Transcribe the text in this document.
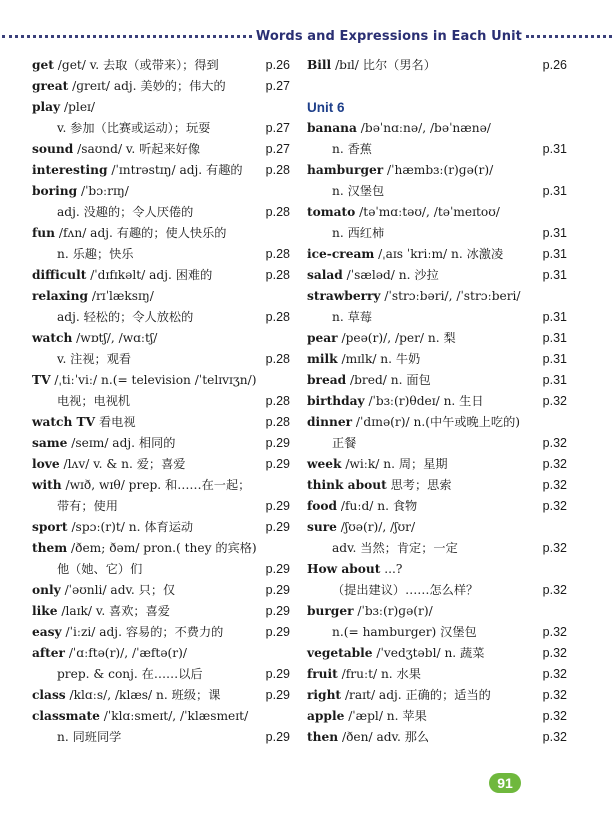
Words and Expressions in Each Unit
get /get/ v. 去取（或带来）；得到	p.26
great /ɡreɪt/ adj. 美妙的；伟大的	p.27
play /pleɪ/
v. 参加（比赛或运动）；玩耍	p.27
sound /saʊnd/ v. 听起来好像	p.27
interesting /ˈɪntrəstɪŋ/ adj. 有趣的 p.28
boring /ˈbɔːrɪŋ/
adj. 没趣的；令人厌倦的	p.28
fun /fʌn/ adj. 有趣的；使人快乐的
n. 乐趣；快乐	p.28
difficult /ˈdɪfɪkəlt/ adj. 困难的	p.28
relaxing /rɪˈlæksɪŋ/
adj. 轻松的；令人放松的	p.28
watch /wɒtʃ/, /wɑːtʃ/
v. 注视；观看	p.28
TV /ˌtiːˈviː/ n.(= television /ˈtelɪvɪʒn/)
电视；电视机	p.28
watch TV 看电视	p.28
same /seɪm/ adj. 相同的	p.29
love /lʌv/ v. & n. 爱；喜爱	p.29
with /wɪð, wɪθ/ prep. 和……在一起；
带有；使用	p.29
sport /spɔː(r)t/ n. 体育运动	p.29
them /ðem; ðəm/ pron.( they 的宾格)
他（她、它）们	p.29
only /ˈəʊnli/ adv. 只；仅	p.29
like /laɪk/ v. 喜欢；喜爱	p.29
easy /ˈiːzi/ adj. 容易的；不费力的	p.29
after /ˈɑːftə(r)/, /ˈæftə(r)/
prep. & conj. 在……以后	p.29
class /klɑːs/, /klæs/ n. 班级；课	p.29
classmate /ˈklɑːsmeɪt/, /ˈklæsmeɪt/
n. 同班同学	p.29
Bill /bɪl/ 比尔（男名）	p.26
Unit 6
banana /bəˈnɑːnə/, /bəˈnænə/
n. 香蕉	p.31
hamburger /ˈhæmbɜː(r)ɡə(r)/
n. 汉堡包	p.31
tomato /təˈmɑːtəʊ/, /təˈmeɪtoʊ/
n. 西红柿	p.31
ice-cream /ˌaɪs ˈkriːm/ n. 冰激凌	p.31
salad /ˈsæləd/ n. 沙拉	p.31
strawberry /ˈstrɔːbəri/, /ˈstrɔːberi/
n. 草莓	p.31
pear /peə(r)/, /per/ n. 梨	p.31
milk /mɪlk/ n. 牛奶	p.31
bread /bred/ n. 面包	p.31
birthday /ˈbɜː(r)θdeɪ/ n. 生日	p.32
dinner /ˈdɪnə(r)/ n.(中午或晚上吃的)
正餐	p.32
week /wiːk/ n. 周；星期	p.32
think about 思考；思索	p.32
food /fuːd/ n. 食物	p.32
sure /ʃʊə(r)/, /ʃʊr/
adv. 当然；肯定；一定	p.32
How about ...?
（提出建议）……怎么样？	p.32
burger /ˈbɜː(r)ɡə(r)/
n.(= hamburger) 汉堡包	p.32
vegetable /ˈvedʒtəbl/ n. 蔬菜	p.32
fruit /fruːt/ n. 水果	p.32
right /raɪt/ adj. 正确的；适当的	p.32
apple /ˈæpl/ n. 苹果	p.32
then /ðen/ adv. 那么	p.32
91
